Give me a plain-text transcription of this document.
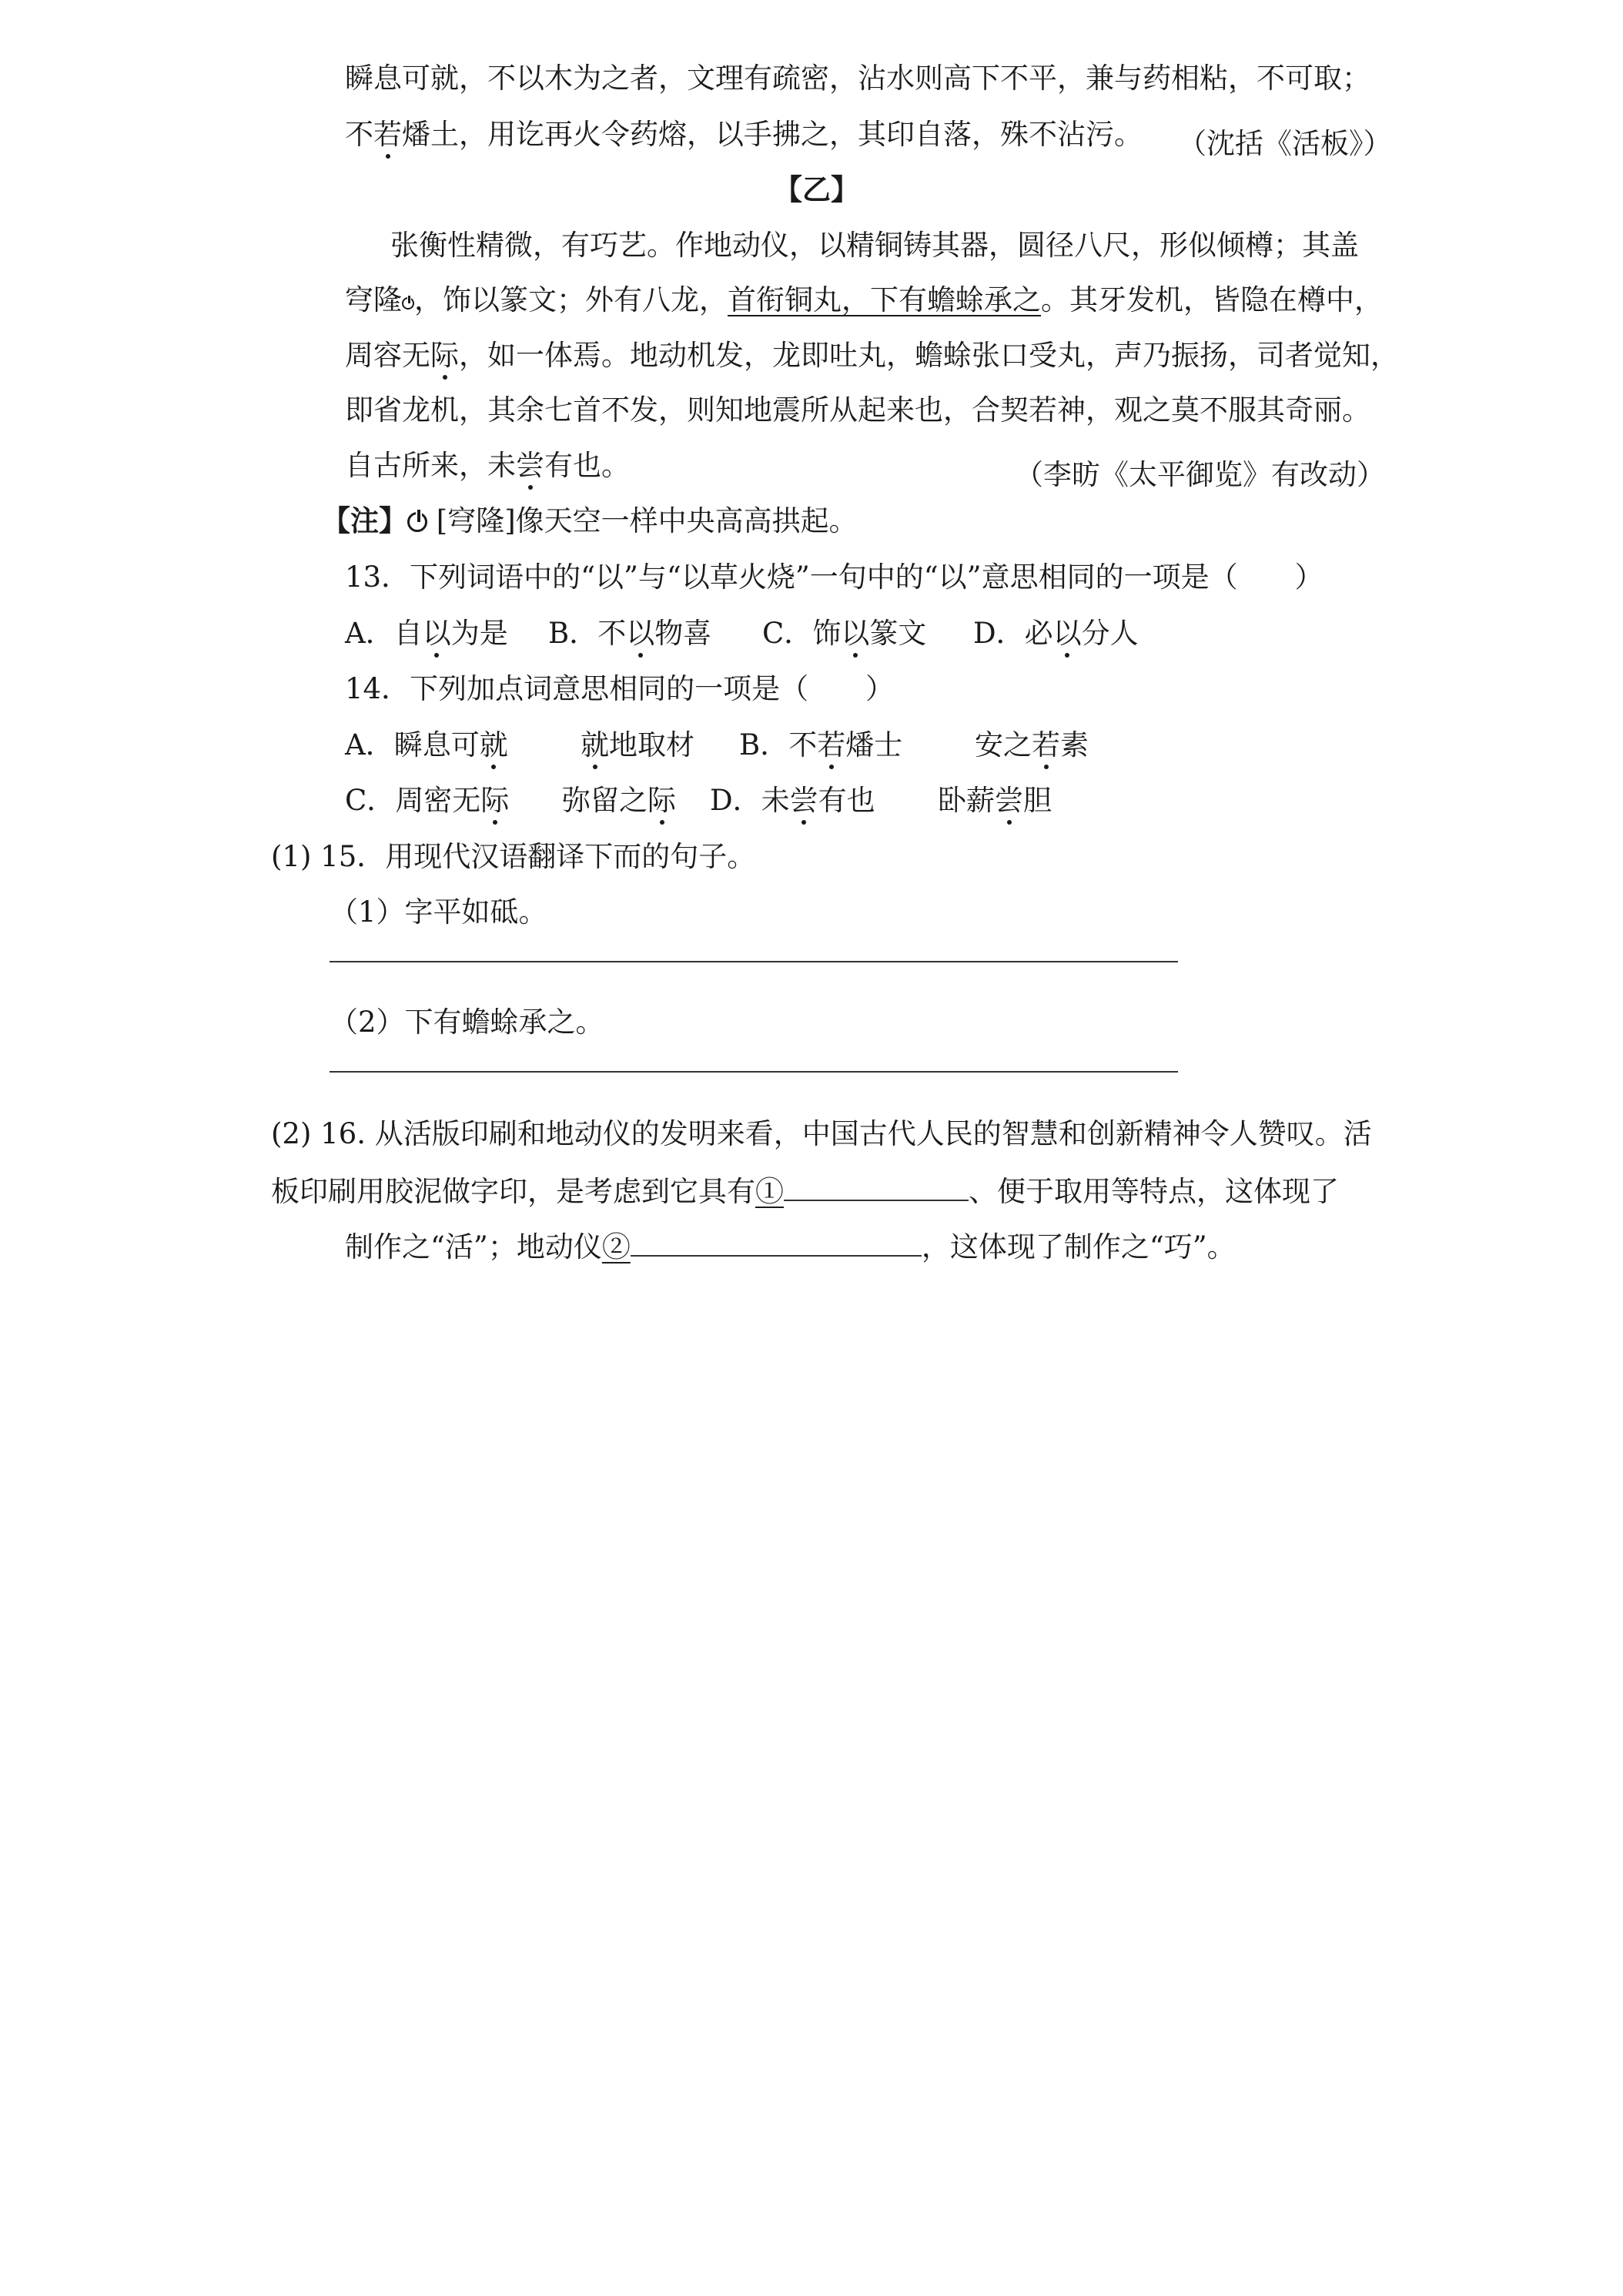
瞬息可就，不以木为之者，文理有疏密，沾水则高下不平，兼与药相粘，不可取；
不若燔土，用讫再火令药熔，以手拂之，其印自落，殊不沾污。	（沈括《活板》）
【乙】
张衡性精微，有巧艺。作地动仪，以精铜铸其器，圆径八尺，形似倾樽；其盖
穹隆 ，饰以篆文；外有八龙，首衔铜丸，下有蟾蜍承之。其牙发机，皆隐在樽中，
周容无际，如一体焉。地动机发，龙即吐丸，蟾蜍张口受丸，声乃振扬，司者觉知，
即省龙机，其余七首不发，则知地震所从起来也，合契若神，观之莫不服其奇丽。
自古所来，未尝有也。	（李昉《太平御览》有改动）
【注】 [穹隆]像天空一样中央高高拱起。
13．下列词语中的“以”与“以草火烧”一句中的“以”意思相同的一项是（　　）
A．自以为是 B．不以物喜 C．饰以篆文 D．必以分人
14．下列加点词意思相同的一项是（　　）
A．瞬息可就	就地取材 B．不若燔士	安之若素
C．周密无际 弥留之际 D．未尝有也 卧薪尝胆
(1) 15．用现代汉语翻译下而的句子。
（1）字平如砥。
（2）下有蟾蜍承之。
(2) 16. 从活版印刷和地动仪的发明来看，中国古代人民的智慧和创新精神令人赞叹。活
板印刷用胶泥做字印，是考虑到它具有①	、便于取用等特点，这体现了
制作之“活”；地动仪②	，这体现了制作之“巧”。
